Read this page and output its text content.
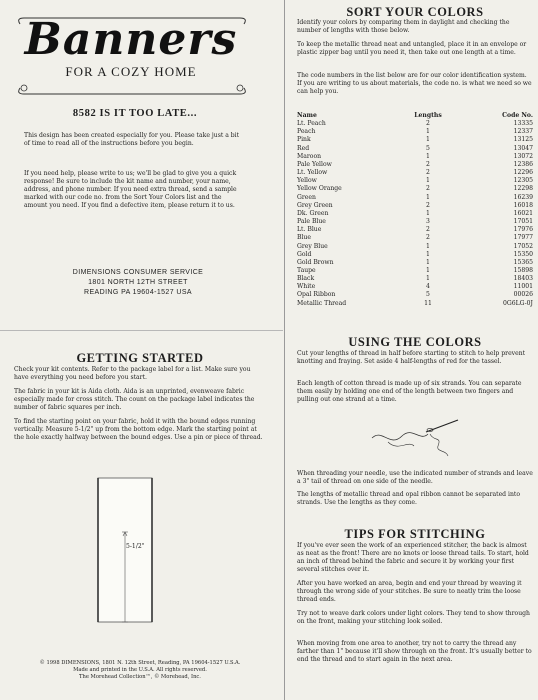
Banners
FOR A COZY HOME
8582 IS IT TOO LATE...

This design has been created especially for you. Please take just a bit of time to read all of the instructions before you begin.

If you need help, please write to us; we'll be glad to give you a quick response! Be sure to include the kit name and number, your name, address, and phone number. If you need extra thread, send a sample marked with our code no. from the Sort Your Colors list and the amount you need. If you find a defective item, please return it to us.

DIMENSIONS CONSUMER SERVICE
1801 NORTH 12TH STREET
READING PA 19604-1527 USA
GETTING STARTED

Check your kit contents. Refer to the package label for a list. Make sure you have everything you need before you start.

The fabric in your kit is Aida cloth. Aida is an unprinted, evenweave fabric especially made for cross stitch. The count on the package label indicates the number of fabric squares per inch.

To find the starting point on your fabric, hold it with the bound edges running vertically. Measure 5-1/2" up from the bottom edge. Mark the starting point at the hole exactly halfway between the bound edges. Use a pin or piece of thread.

5-1/2"
© 1998 DIMENSIONS, 1801 N. 12th Street, Reading, PA 19604-1527 U.S.A.
Made and printed in the U.S.A. All rights reserved.
The Morehead Collection™, © Morehead, Inc.
SORT YOUR COLORS

Identify your colors by comparing them in daylight and checking the number of lengths with those below.

To keep the metallic thread neat and untangled, place it in an envelope or plastic zipper bag until you need it, then take out one length at a time.

The code numbers in the list below are for our color identification system. If you are writing to us about materials, the code no. is what we need so we can help you.

Name	Lengths	Code No.
Lt. Peach	2	13335
Peach	1	12337
Pink	1	13125
Red	5	13047
Maroon	1	13072
Pale Yellow	2	12386
Lt. Yellow	2	12296
Yellow	1	12305
Yellow Orange	2	12298
Green	1	16239
Grey Green	2	16018
Dk. Green	1	16021
Pale Blue	3	17051
Lt. Blue	2	17976
Blue	2	17977
Grey Blue	1	17052
Gold	1	15350
Gold Brown	1	15365
Taupe	1	15898
Black	1	18403
White	4	11001
Opal Ribbon	5	00026
Metallic Thread	11	0G6LG-0J
USING THE COLORS

Cut your lengths of thread in half before starting to stitch to help prevent knotting and fraying. Set aside 4 half-lengths of red for the tassel.

Each length of cotton thread is made up of six strands. You can separate them easily by holding one end of the length between two fingers and pulling out one strand at a time.

When threading your needle, use the indicated number of strands and leave a 3" tail of thread on one side of the needle.

The lengths of metallic thread and opal ribbon cannot be separated into strands. Use the lengths as they come.

TIPS FOR STITCHING

If you've ever seen the work of an experienced stitcher, the back is almost as neat as the front! There are no knots or loose thread tails. To start, hold an inch of thread behind the fabric and secure it by working your first several stitches over it.

After you have worked an area, begin and end your thread by weaving it through the wrong side of your stitches. Be sure to neatly trim the loose thread ends.

Try not to weave dark colors under light colors. They tend to show through on the front, making your stitching look soiled.

When moving from one area to another, try not to carry the thread any farther than 1" because it'll show through on the front. It's usually better to end the thread and to start again in the next area.
